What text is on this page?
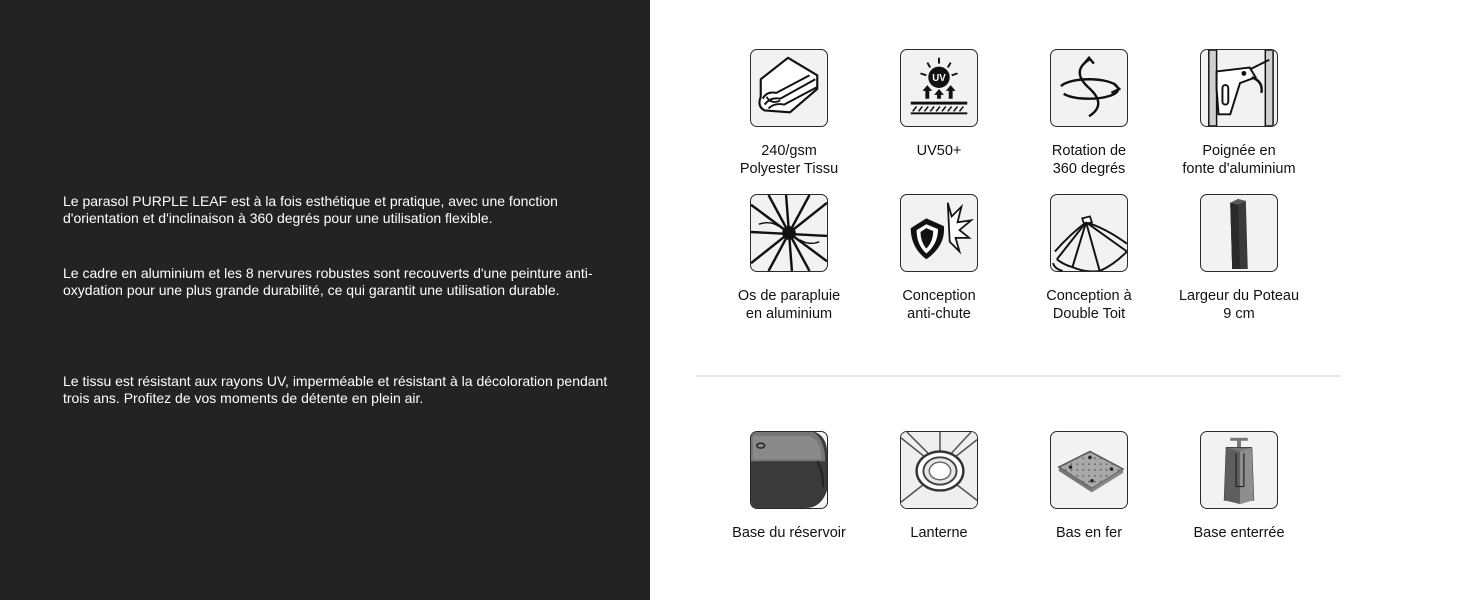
Le parasol PURPLE LEAF est à la fois esthétique et pratique, avec une fonction d'orientation et d'inclinaison à 360 degrés pour une utilisation flexible.

Le cadre en aluminium et les 8 nervures robustes sont recouverts d'une peinture anti-oxydation pour une plus grande durabilité, ce qui garantit une utilisation durable.

Le tissu est résistant aux rayons UV, imperméable et résistant à la décoloration pendant trois ans. Profitez de vos moments de détente en plein air.

240/gsm
Polyester Tissu
UV
UV50+	Rotation de
360 degrés
Poignée en
fonte d'aluminium
Os de parapluie
en aluminium
Conception
anti-chute
Conception à
Double Toit
Largeur du Poteau
9 cm
Base du réservoir	Lanterne	Bas en fer	Base enterrée
